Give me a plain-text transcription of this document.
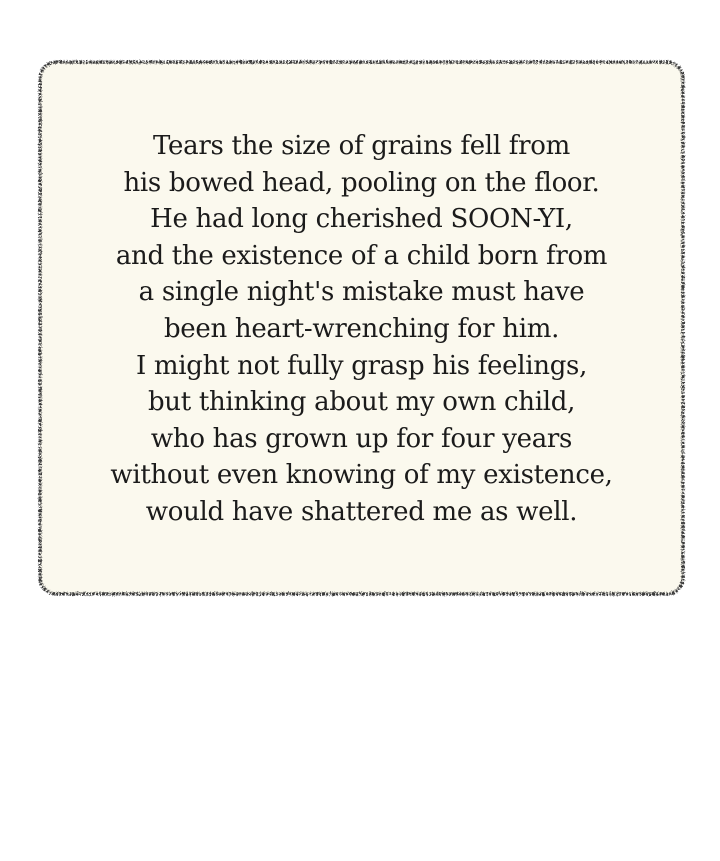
Tears the size of grains fell from
his bowed head, pooling on the floor.
He had long cherished SOON-YI,
and the existence of a child born from
a single night's mistake must have
been heart-wrenching for him.
I might not fully grasp his feelings,
but thinking about my own child,
who has grown up for four years
without even knowing of my existence,
would have shattered me as well.
